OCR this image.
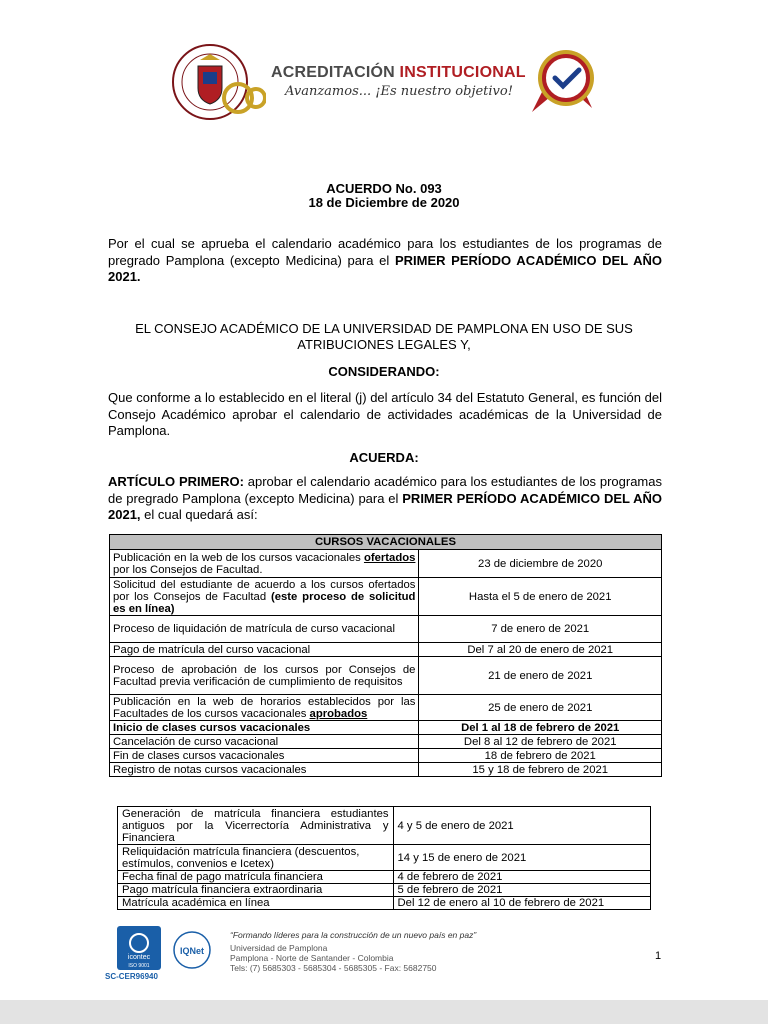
ACREDITACIÓN INSTITUCIONAL
Avanzamos... ¡Es nuestro objetivo!
ACUERDO No. 093
18 de Diciembre de 2020
Por el cual se aprueba el calendario académico para los estudiantes de los programas de pregrado Pamplona (excepto Medicina) para el PRIMER PERÍODO ACADÉMICO DEL AÑO 2021.
EL CONSEJO ACADÉMICO DE LA UNIVERSIDAD DE PAMPLONA EN USO DE SUS ATRIBUCIONES LEGALES Y,
CONSIDERANDO:
Que conforme a lo establecido en el literal (j) del artículo 34 del Estatuto General, es función del Consejo Académico aprobar el calendario de actividades académicas de la Universidad de Pamplona.
ACUERDA:
ARTÍCULO PRIMERO: aprobar el calendario académico para los estudiantes de los programas de pregrado Pamplona (excepto Medicina) para el PRIMER PERÍODO ACADÉMICO DEL AÑO 2021, el cual quedará así:
CURSOS VACACIONALES	
Publicación en la web de los cursos vacacionales ofertados por los Consejos de Facultad.	23 de diciembre de 2020
Solicitud del estudiante de acuerdo a los cursos ofertados por los Consejos de Facultad (este proceso de solicitud es en línea)	Hasta el 5 de enero de 2021
Proceso de liquidación de matrícula de curso vacacional	7 de enero de 2021
Pago de matrícula del curso vacacional	Del 7 al 20 de enero de 2021
Proceso de aprobación de los cursos por Consejos de Facultad previa verificación de cumplimiento de requisitos	21 de enero de 2021
Publicación en la web de horarios establecidos por las Facultades de los cursos vacacionales aprobados	25 de enero de 2021
Inicio de clases cursos vacacionales	Del 1 al 18 de febrero de 2021
Cancelación de curso vacacional	Del 8 al 12 de febrero de 2021
Fin de clases cursos vacacionales	18 de febrero de 2021
Registro de notas cursos vacacionales	15 y 18 de febrero de 2021
Generación de matrícula financiera estudiantes antiguos por la Vicerrectoría Administrativa y Financiera	4 y 5 de enero de 2021
Reliquidación matrícula financiera (descuentos, estímulos, convenios e Icetex)	14 y 15 de enero de 2021
Fecha final de pago matrícula financiera	4 de febrero de 2021
Pago matrícula financiera extraordinaria	5 de febrero de 2021
Matrícula académica en línea	Del 12 de enero al 10 de febrero de 2021
icontec
ISO 9001
IQNet
SC-CER96940
“Formando líderes para la construcción de un nuevo país en paz”
Universidad de Pamplona
Pamplona - Norte de Santander - Colombia
Tels: (7) 5685303 - 5685304 - 5685305 - Fax: 5682750
1
